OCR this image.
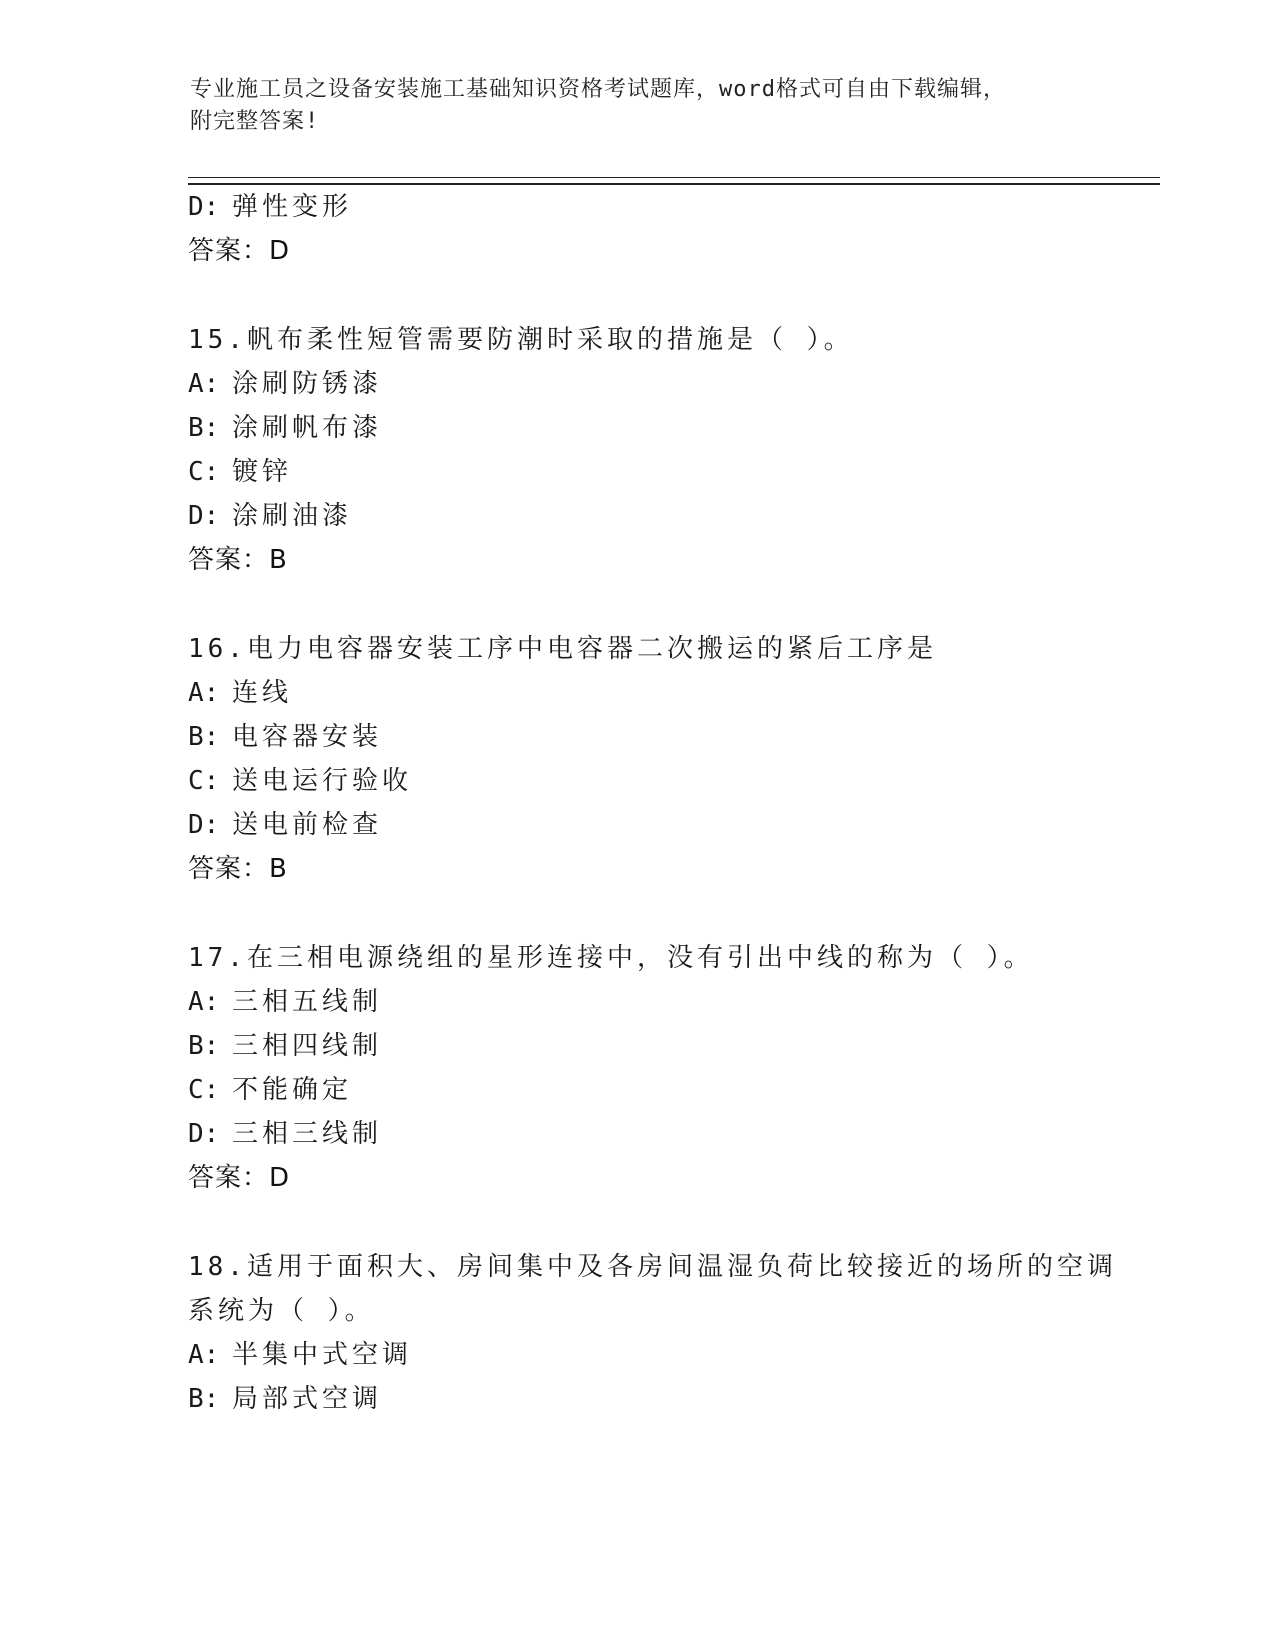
专业施工员之设备安装施工基础知识资格考试题库，word格式可自由下载编辑，
附完整答案!
D: 弹性变形
答案：D
15.帆布柔性短管需要防潮时采取的措施是（ ）。
A: 涂刷防锈漆
B: 涂刷帆布漆
C: 镀锌
D: 涂刷油漆
答案：B
16.电力电容器安装工序中电容器二次搬运的紧后工序是
A: 连线
B: 电容器安装
C: 送电运行验收
D: 送电前检查
答案：B
17.在三相电源绕组的星形连接中，没有引出中线的称为（ ）。
A: 三相五线制
B: 三相四线制
C: 不能确定
D: 三相三线制
答案：D
18.适用于面积大、房间集中及各房间温湿负荷比较接近的场所的空调
系统为（ ）。
A: 半集中式空调
B: 局部式空调
